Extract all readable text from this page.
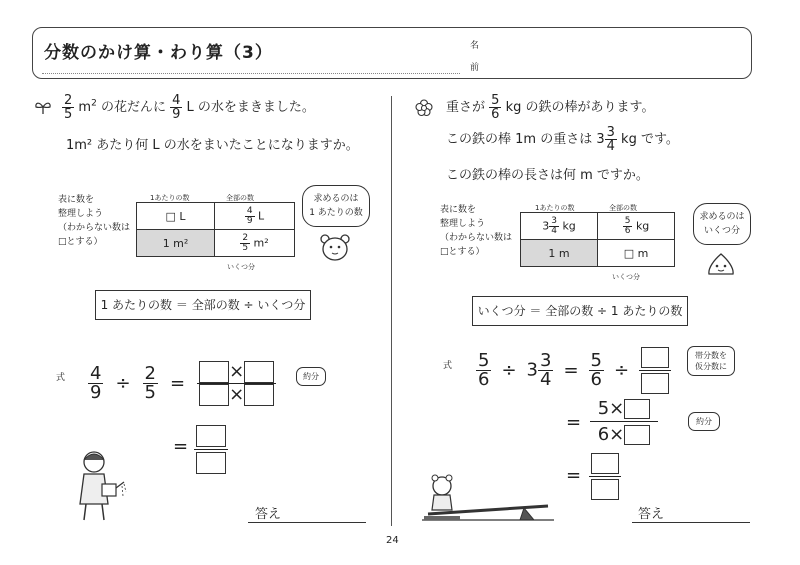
分数のかけ算・わり算（3）	名
前
24
$\frac{2}{5} m^2$ の花だんに $\frac{4}{9}$ L の水をまきました。
1m² あたり何 L の水をまいたことになりますか。
表に数を
整理しよう
（わからない数は
□とする）
1あたりの数	全部の数
□ L	$\frac{4}{9}$ L
1 m²	$\frac{2}{5} m^2$
いくつ分
求めるのは
1 あたりの数
1 あたりの数 ＝ 全部の数 ÷ いくつ分
式 $\frac{4}{9} \div \frac{2}{5} = \frac{\times}{\times}$	約分
=
答え
重さが $\frac{5}{6}$ kg の鉄の棒があります。
この鉄の棒 1m の重さは $3 \frac{3}{4}$ kg です。
この鉄の棒の長さは何 m ですか。
表に数を
整理しよう
（わからない数は
□とする）
1あたりの数	全部の数
$3 \frac{3}{4}$ kg	$\frac{5}{6}$ kg
1 m	□ m
いくつ分
求めるのは
いくつ分
いくつ分 ＝ 全部の数 ÷ 1 あたりの数
式 $\frac{5}{6} \div 3 \frac{3}{4} = \frac{5}{6}$ ÷
帯分数を
仮分数に
=
5 ×
6 ×
約分
=
答え
